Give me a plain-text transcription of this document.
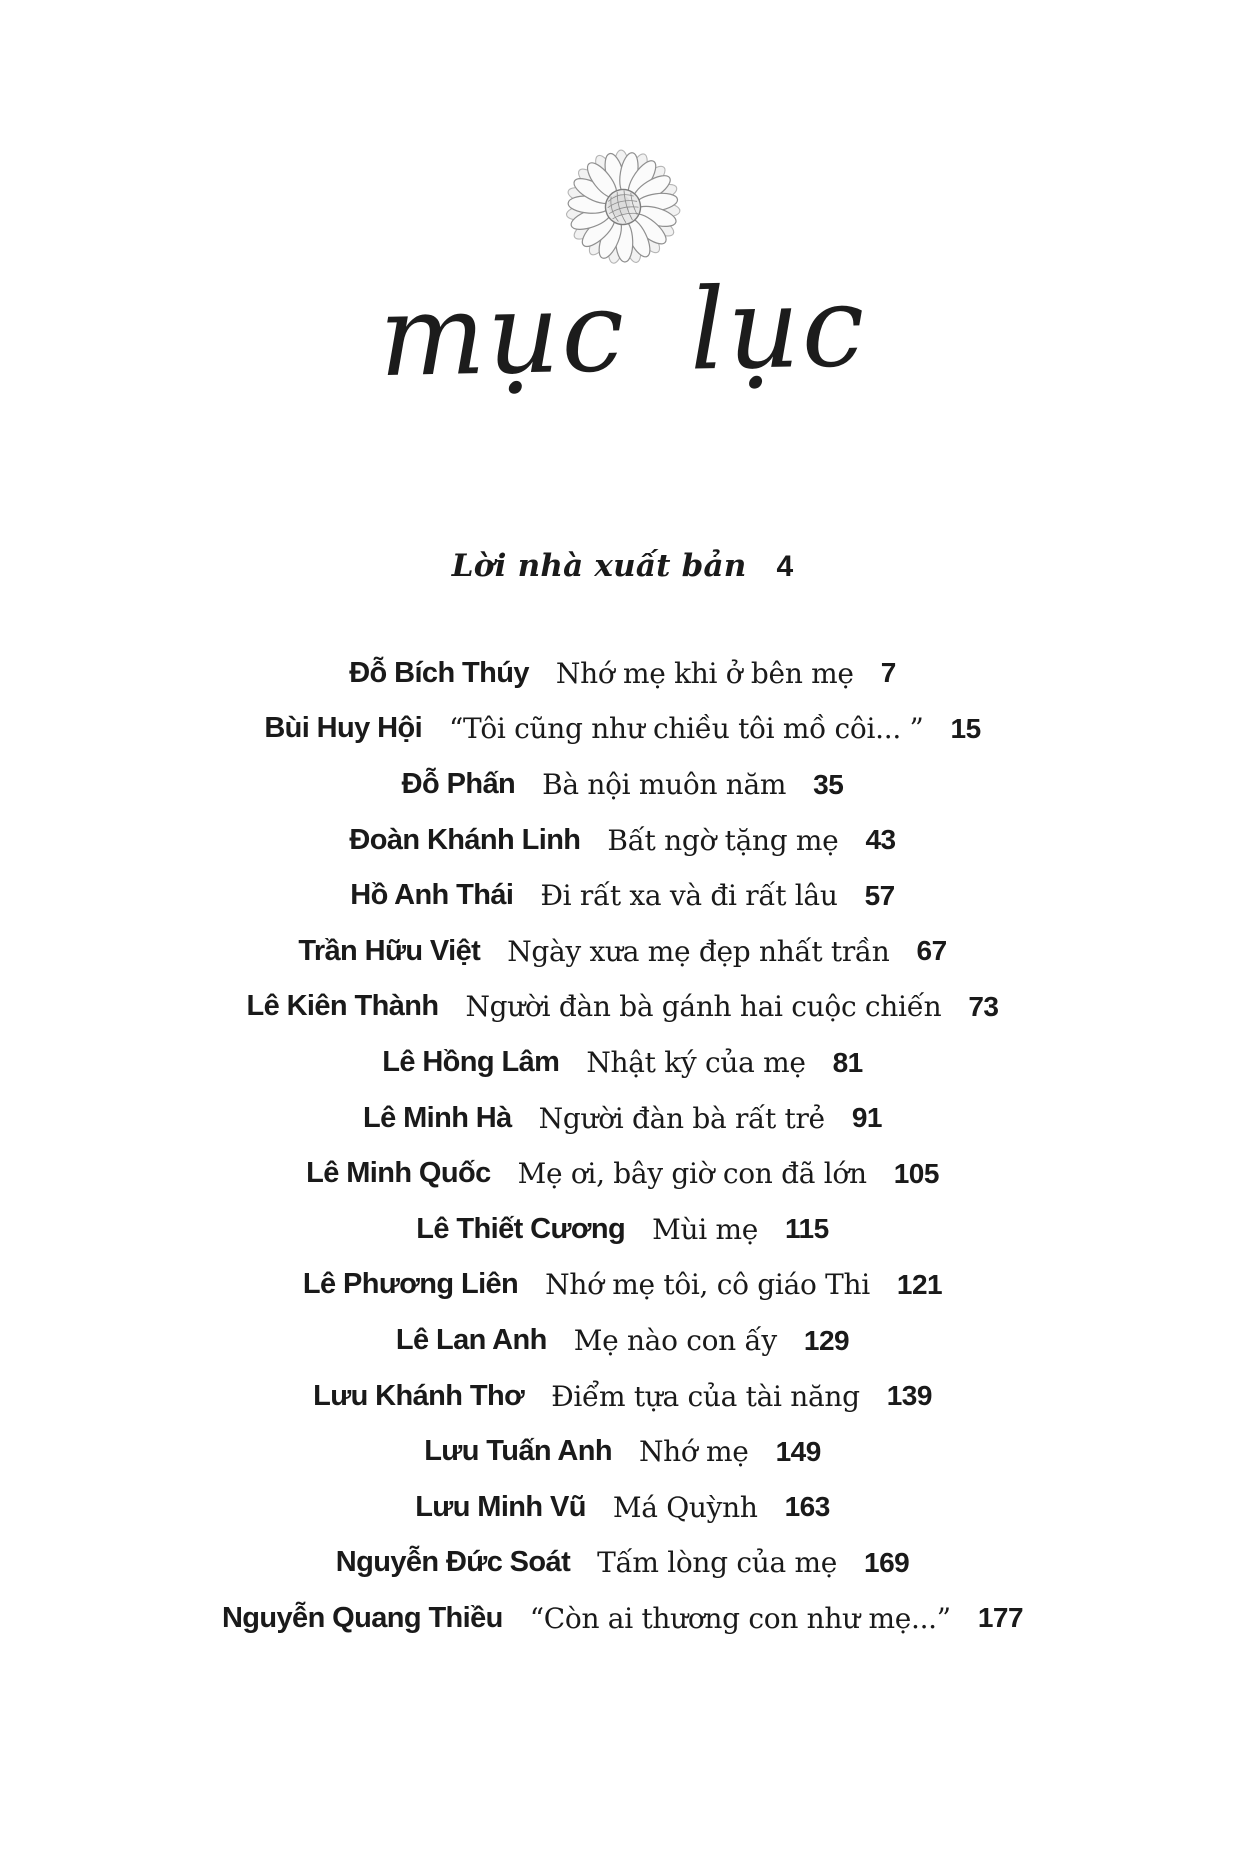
mục lục
Lời nhà xuất bản 4
Đỗ Bích Thúy Nhớ mẹ khi ở bên mẹ 7
Bùi Huy Hội “Tôi cũng như chiều tôi mồ côi... ” 15
Đỗ Phấn Bà nội muôn năm 35
Đoàn Khánh Linh Bất ngờ tặng mẹ 43
Hồ Anh Thái Đi rất xa và đi rất lâu 57
Trần Hữu Việt Ngày xưa mẹ đẹp nhất trần 67
Lê Kiên Thành Người đàn bà gánh hai cuộc chiến 73
Lê Hồng Lâm Nhật ký của mẹ 81
Lê Minh Hà Người đàn bà rất trẻ 91
Lê Minh Quốc Mẹ ơi, bây giờ con đã lớn 105
Lê Thiết Cương Mùi mẹ 115
Lê Phương Liên Nhớ mẹ tôi, cô giáo Thi 121
Lê Lan Anh Mẹ nào con ấy 129
Lưu Khánh Thơ Điểm tựa của tài năng 139
Lưu Tuấn Anh Nhớ mẹ 149
Lưu Minh Vũ Má Quỳnh 163
Nguyễn Đức Soát Tấm lòng của mẹ 169
Nguyễn Quang Thiều “Còn ai thương con như mẹ...” 177
